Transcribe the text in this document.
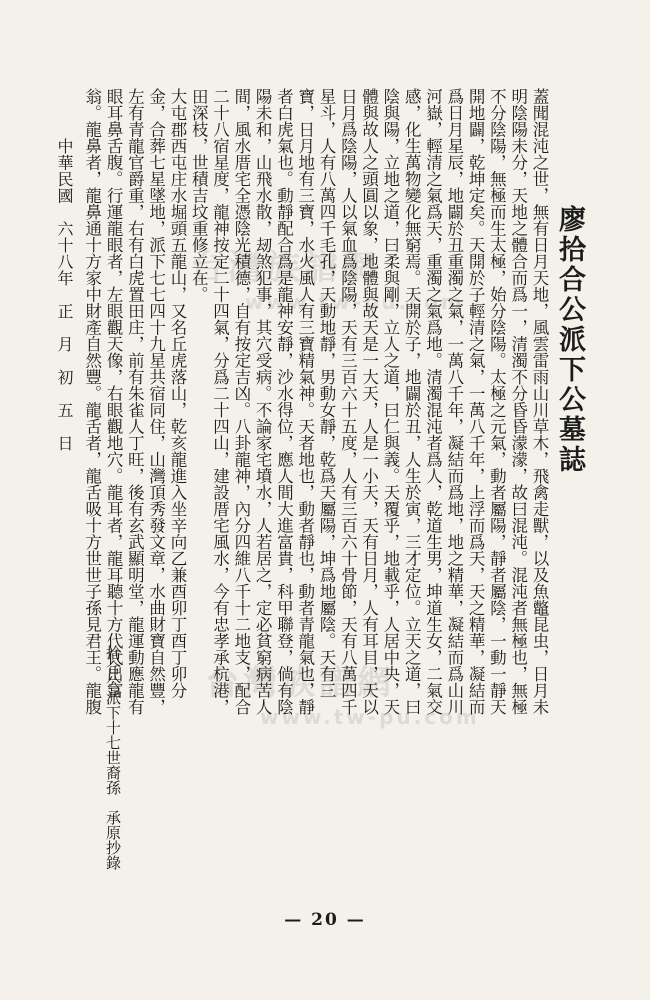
台灣族譜網
www.tw-pu.com
台灣族譜網
www.tw-pu.com
廖拾合公派下公墓誌

蓋聞混沌之世，無有日月天地，風雲雷雨山川草木，飛禽走獸，以及魚鼈昆虫，日月未明陰陽未分，天地之體合而爲一，清濁不分昏昏濛濛，故曰混沌。混沌者無極也，無極不分陰陽，無極而生太極，始分陰陽。太極之元氣，動者屬陽，靜者屬陰，一動一靜天開地闢，乾坤定矣。天開於子輕清之氣，一萬八千年，上浮而爲天，天之精華，凝結而爲日月星辰，地闢於丑重濁之氣，一萬八千年，凝結而爲地，地之精華，凝結而爲山川河嶽，輕清之氣爲天，重濁之氣爲地。清濁混沌者爲人，乾道生男，坤道生女，二氣交感，化生萬物變化無窮焉。天開於子，地闢於丑，人生於寅，三才定位。立天之道，曰陰與陽，立地之道，曰柔與剛，立人之道，曰仁與義。天覆乎，地載乎，人居中央，天體與故人之頭圓以象，地體與故天是一大天，人是一小天，天有日月，人有耳目，天以日月爲陰陽，人以氣血爲陰陽，天有三百六十五度，人有三百六十骨節，天有八萬四千星斗，人有八萬四千毛孔，天動地靜，男動女靜，乾爲天屬陽，坤爲地屬陰。天有三寶，日月地有三寶，水火風人有三寶精氣神。天者地也，動者靜也，動者青龍氣也，靜者白虎氣也。動靜配合爲是龍神安靜，沙水得位，應人間大進富貴，科甲聯登，倘有陰陽未和，山飛水散，刼煞犯事，其穴受病。不論家宅墳水，人若居之，定必貧窮病苦人間，風水厝宅全憑陰光積德，自有按定吉凶。八卦龍神，內分四維八千十二地支，配合二十八宿星度，龍神按定二十四氣，分爲二十四山，建設厝宅風水，今有忠孝承杭港，田深枝，世積吉坟重修立在。

大屯郡西屯庄水堀頭五龍山，又名丘虎落山，乾亥龍進入坐辛向乙兼酉卯丁酉丁卯分金，合葬七星墜地，派下七七四十九星共宿同住，山灣頂秀發文章，水曲財寶自然豐，左有青龍官爵重，右有白虎置田庄，前有朱雀人丁旺，後有玄武顯明堂，龍運動應龍有眼耳鼻舌腹。行運龍眼者，左眼觀天像，右眼觀地穴。龍耳者，龍耳聽十方代代出富翁。龍鼻者，龍鼻通十方家中財產自然豐。龍舌者，龍舌吸十方世世子孫見君王。龍腹 拾合公派下十七世裔孫　承原抄錄
中華民國　六十八年　正　月　初　五　日
— 20 —
